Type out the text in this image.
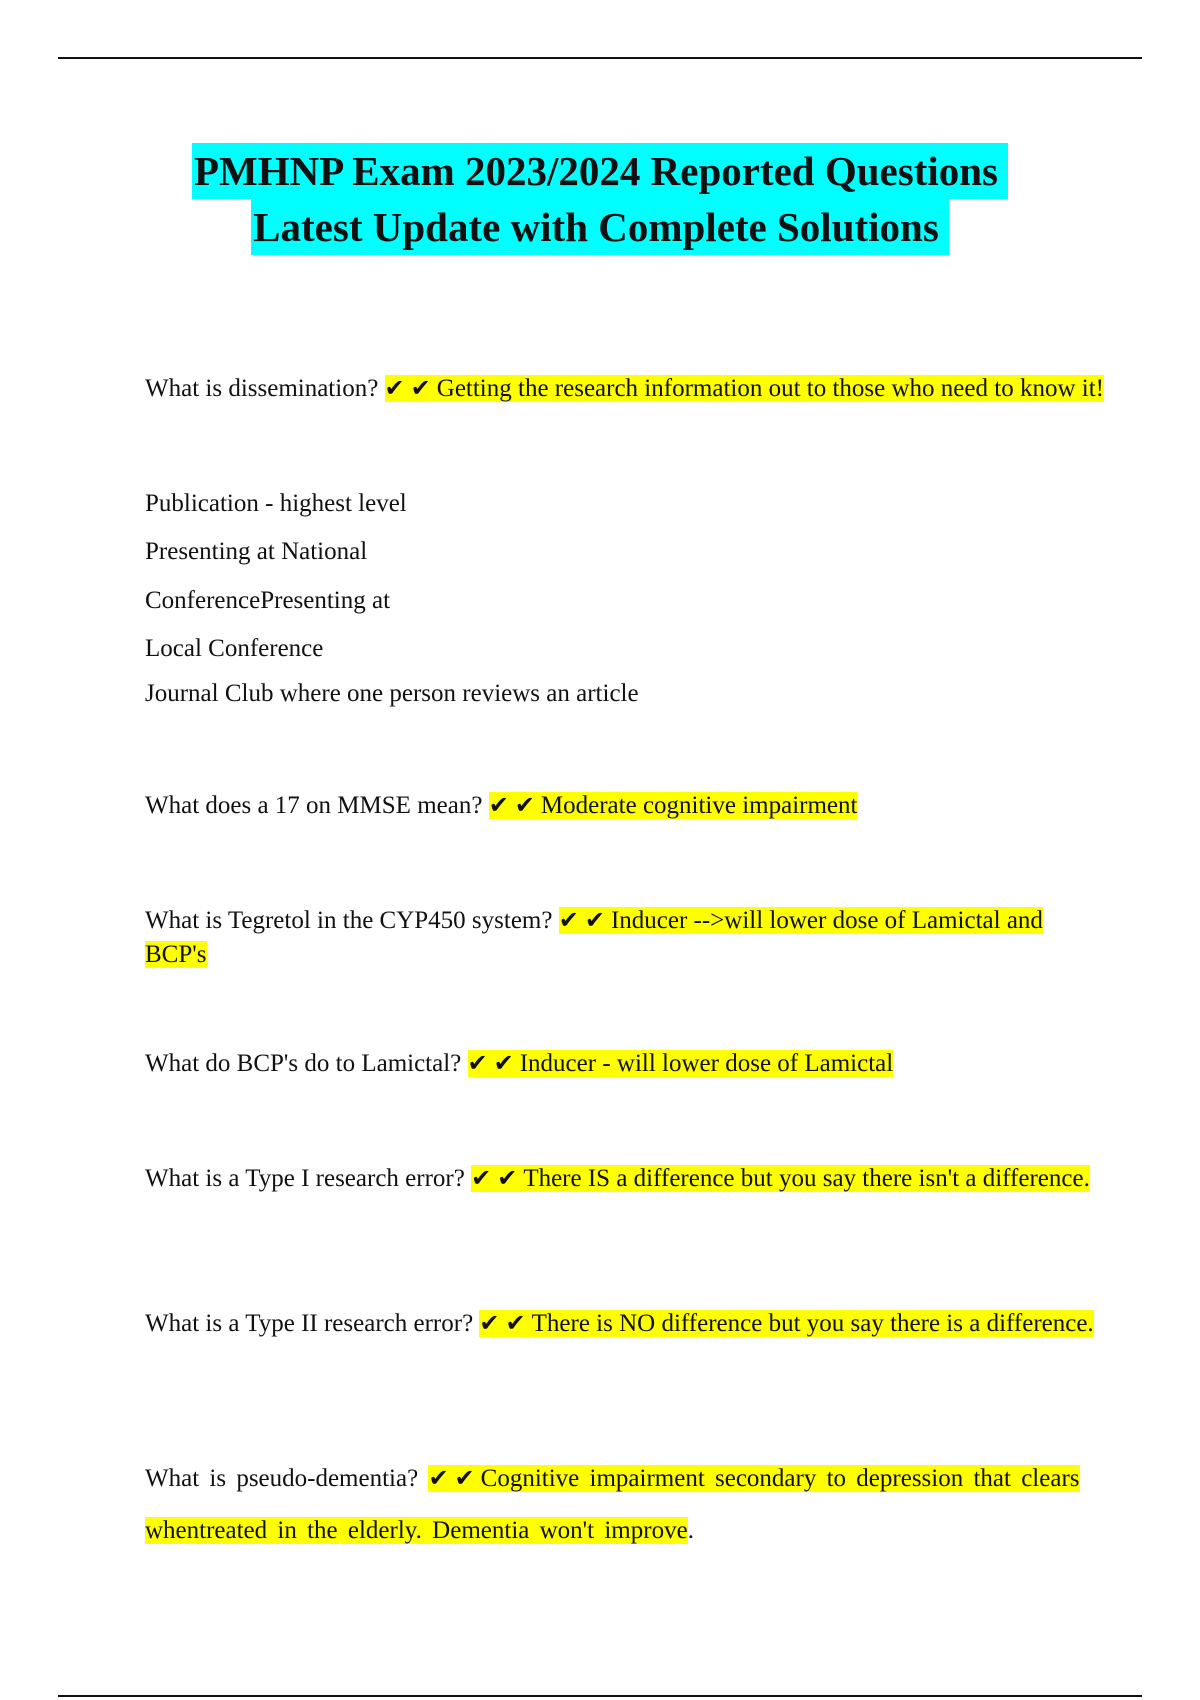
PMHNP Exam 2023/2024 Reported Questions
Latest Update with Complete Solutions
What is dissemination? ✔✔Getting the research information out to those who need to know it!
Publication - highest level
Presenting at National
ConferencePresenting at
Local Conference
Journal Club where one person reviews an article
What does a 17 on MMSE mean? ✔✔Moderate cognitive impairment
What is Tegretol in the CYP450 system? ✔✔Inducer -->will lower dose of Lamictal and BCP's
What do BCP's do to Lamictal? ✔✔Inducer - will lower dose of Lamictal
What is a Type I research error? ✔✔There IS a difference but you say there isn't a difference.
What is a Type II research error? ✔✔There is NO difference but you say there is a difference.
What is pseudo-dementia? ✔✔Cognitive impairment secondary to depression that clears whentreated in the elderly. Dementia won't improve.
